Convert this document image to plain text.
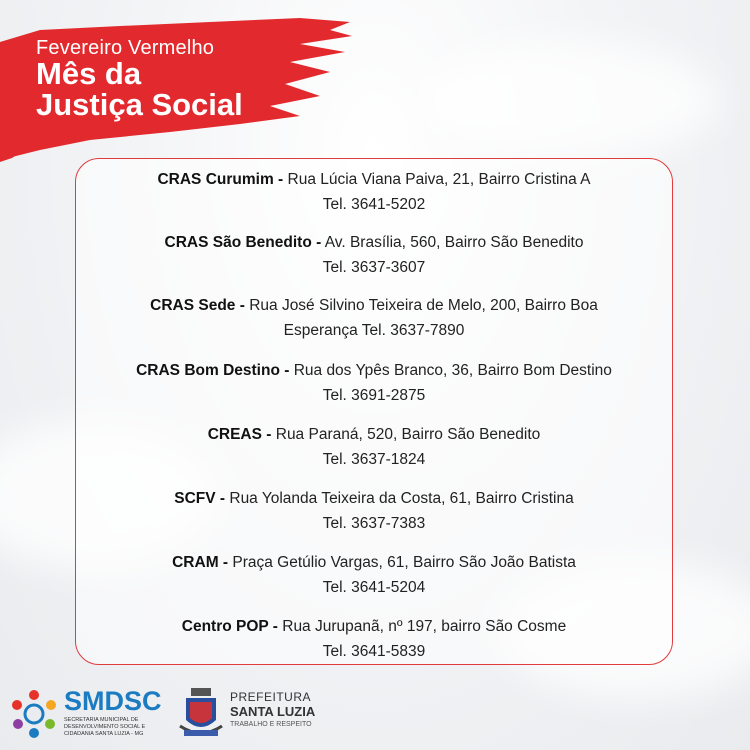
Fevereiro Vermelho
Mês da
Justiça Social
CRAS Curumim - Rua Lúcia Viana Paiva, 21, Bairro Cristina A
Tel. 3641-5202
CRAS São Benedito - Av. Brasília, 560, Bairro São Benedito
Tel. 3637-3607
CRAS Sede - Rua José Silvino Teixeira de Melo, 200, Bairro Boa
Esperança Tel. 3637-7890
CRAS Bom Destino - Rua dos Ypês Branco, 36, Bairro Bom Destino
Tel. 3691-2875
CREAS - Rua Paraná, 520, Bairro São Benedito
Tel. 3637-1824
SCFV - Rua Yolanda Teixeira da Costa, 61, Bairro Cristina
Tel. 3637-7383
CRAM - Praça Getúlio Vargas, 61, Bairro São João Batista
Tel. 3641-5204
Centro POP - Rua Jurupanã, nº 197, bairro São Cosme
Tel. 3641-5839
SMDSC
SECRETARIA MUNICIPAL DE DESENVOLVIMENTO SOCIAL E CIDADANIA SANTA LUZIA - MG
PREFEITURA
SANTA LUZIA
TRABALHO E RESPEITO
